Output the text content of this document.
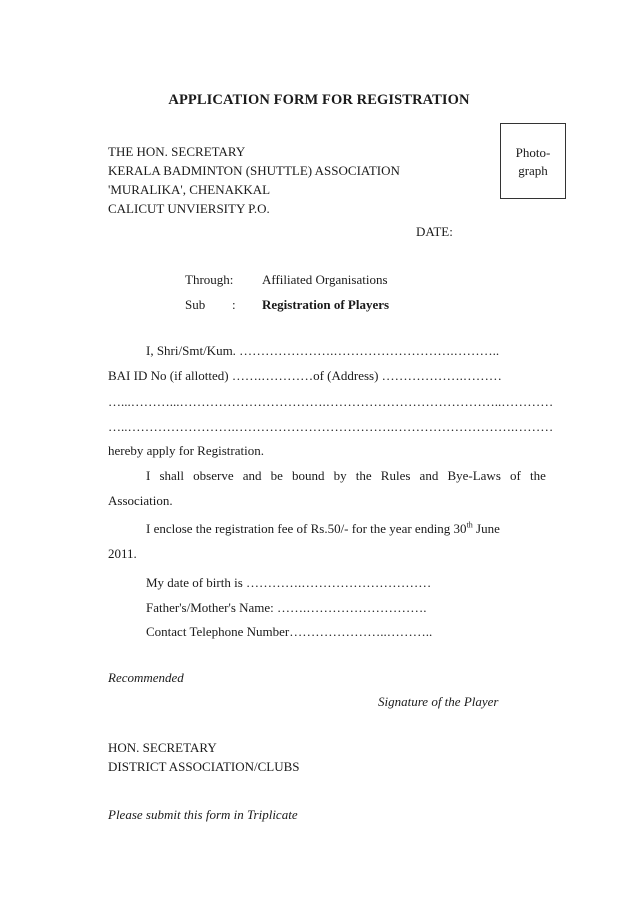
APPLICATION FORM FOR REGISTRATION
THE HON. SECRETARY
KERALA BADMINTON (SHUTTLE) ASSOCIATION
'MURALIKA', CHENAKKAL
CALICUT UNVIERSITY P.O.
Photo-
graph
DATE:
Through: Affiliated Organisations
Sub : Registration of Players
I, Shri/Smt/Kum. ………………….……………………….………..
BAI ID No (if allotted) …….…………of (Address) ……………….………
…...………...…………………………….…………………………………..…………
…..…………………….……………………………….……………………….………
hereby apply for Registration.
I shall observe and be bound by the Rules and Bye-Laws of the
Association.
I enclose the registration fee of Rs.50/- for the year ending 30th June
2011.
My date of birth is ………….…………………………
Father's/Mother's Name: …….……………………….
Contact Telephone Number…………………..………..
Recommended
Signature of the Player
HON. SECRETARY
DISTRICT ASSOCIATION/CLUBS
Please submit this form in Triplicate
